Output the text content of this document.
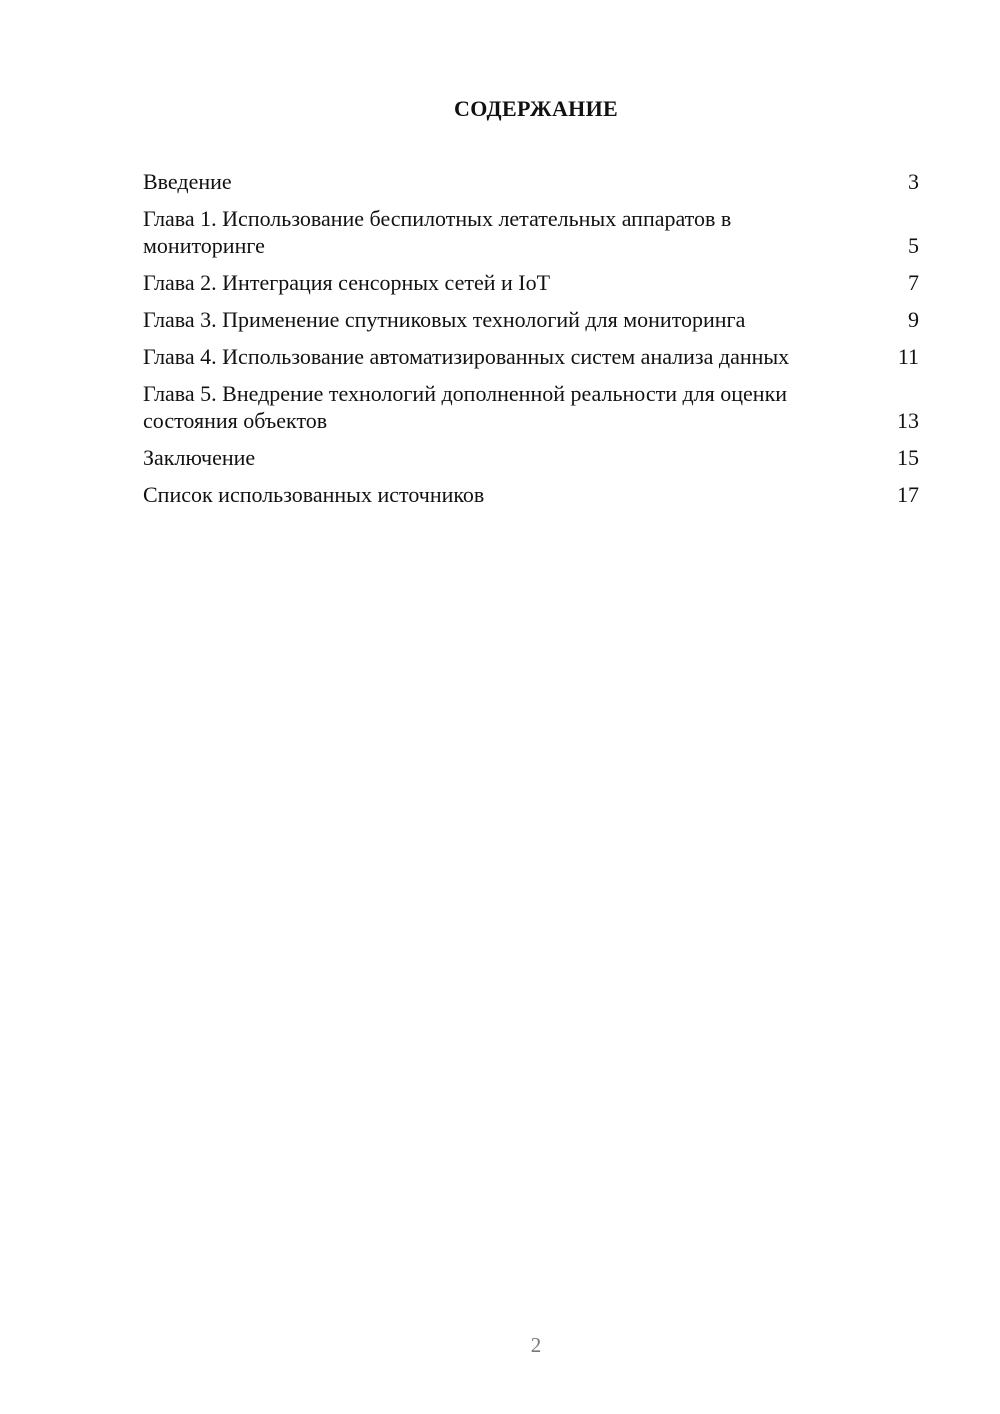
СОДЕРЖАНИЕ
Введение	3
Глава 1. Использование беспилотных летательных аппаратов в мониторинге	5
Глава 2. Интеграция сенсорных сетей и IoT	7
Глава 3. Применение спутниковых технологий для мониторинга	9
Глава 4. Использование автоматизированных систем анализа данных	11
Глава 5. Внедрение технологий дополненной реальности для оценки состояния объектов	13
Заключение	15
Список использованных источников	17
2
